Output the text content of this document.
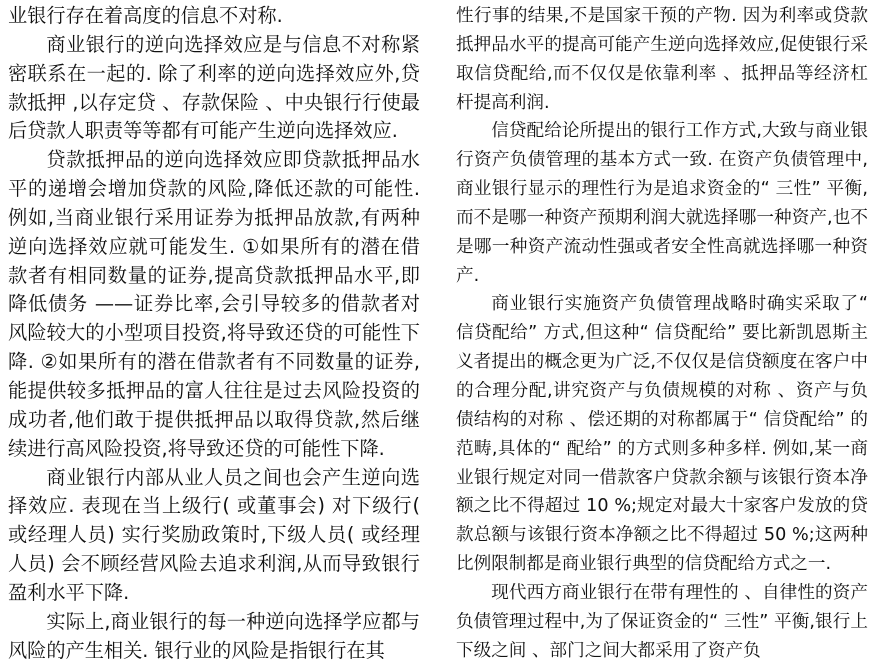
业银行存在着高度的信息不对称.

商业银行的逆向选择效应是与信息不对称紧密联系在一起的. 除了利率的逆向选择效应外,贷款抵押 ,以存定贷 、存款保险 、中央银行行使最后贷款人职责等等都有可能产生逆向选择效应.

贷款抵押品的逆向选择效应即贷款抵押品水平的递增会增加贷款的风险,降低还款的可能性. 例如,当商业银行采用证券为抵押品放款,有两种逆向选择效应就可能发生. ①如果所有的潜在借款者有相同数量的证券,提高贷款抵押品水平,即降低债务 ——证券比率,会引导较多的借款者对风险较大的小型项目投资,将导致还贷的可能性下降. ②如果所有的潜在借款者有不同数量的证券,能提供较多抵押品的富人往往是过去风险投资的成功者,他们敢于提供抵押品以取得贷款,然后继续进行高风险投资,将导致还贷的可能性下降.

商业银行内部从业人员之间也会产生逆向选择效应. 表现在当上级行( 或董事会) 对下级行( 或经理人员) 实行奖励政策时,下级人员( 或经理人员) 会不顾经营风险去追求利润,从而导致银行盈利水平下降.

实际上,商业银行的每一种逆向选择学应都与风险的产生相关. 银行业的风险是指银行在其

性行事的结果,不是国家干预的产物. 因为利率或贷款抵押品水平的提高可能产生逆向选择效应,促使银行采取信贷配给,而不仅仅是依靠利率 、抵押品等经济杠杆提高利润.

信贷配给论所提出的银行工作方式,大致与商业银行资产负债管理的基本方式一致. 在资产负债管理中,商业银行显示的理性行为是追求资金的“ 三性” 平衡,而不是哪一种资产预期利润大就选择哪一种资产,也不是哪一种资产流动性强或者安全性高就选择哪一种资产.

商业银行实施资产负债管理战略时确实采取了“ 信贷配给” 方式,但这种“ 信贷配给” 要比新凯恩斯主义者提出的概念更为广泛,不仅仅是信贷额度在客户中的合理分配,讲究资产与负债规模的对称 、资产与负债结构的对称 、偿还期的对称都属于“ 信贷配给” 的范畴,具体的“ 配给” 的方式则多种多样. 例如,某一商业银行规定对同一借款客户贷款余额与该银行资本净额之比不得超过 10 %;规定对最大十家客户发放的贷款总额与该银行资本净额之比不得超过 50 %;这两种比例限制都是商业银行典型的信贷配给方式之一.

现代西方商业银行在带有理性的 、自律性的资产负债管理过程中,为了保证资金的“ 三性” 平衡,银行上下级之间 、部门之间大都采用了资产负
